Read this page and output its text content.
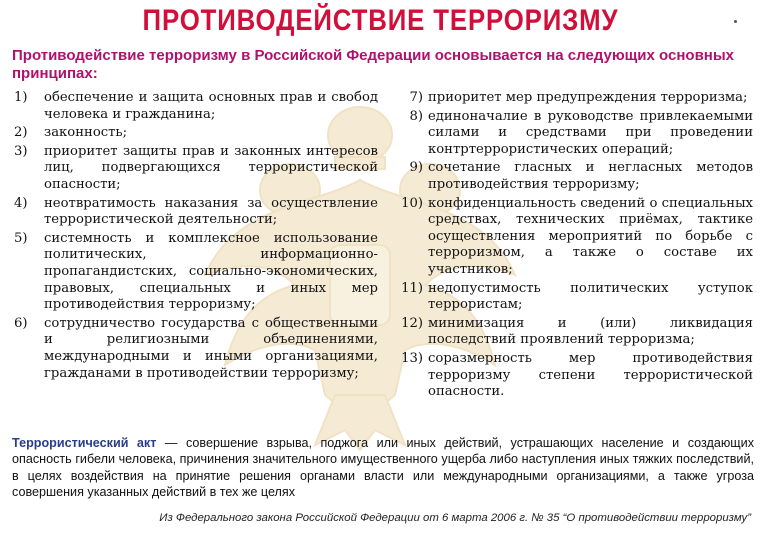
ПРОТИВОДЕЙСТВИЕ ТЕРРОРИЗМУ
Противодействие терроризму в Российской Федерации основывается на следующих основных принципах:
1)	обеспечение и защита основных прав и свобод человека и гражданина;
2)	законность;
3)	приоритет защиты прав и законных интересов лиц, подвергающихся террористической опасности;
4)	неотвратимость наказания за осуществление террористической деятельности;
5)	системность и комплексное использование политических, информационно-пропагандистских, социально-экономических, правовых, специальных и иных мер противодействия терроризму;
6)	сотрудничество государства с общественными и религиозными объединениями, международными и иными организациями, гражданами в противодействии терроризму;
7) приоритет мер предупреждения терроризма;
8) единоначалие в руководстве привлекаемыми силами и средствами при проведении контртеррористических операций;
9) сочетание гласных и негласных методов противодействия терроризму;
10) конфиденциальность сведений о специальных средствах, технических приёмах, тактике осуществления мероприятий по борьбе с терроризмом, а также о составе их участников;
11) недопустимость политических уступок террористам;
12) минимизация и (или) ликвидация последствий проявлений терроризма;
13) соразмерность мер противодействия терроризму степени террористической опасности.
Террористический акт — совершение взрыва, поджога или иных действий, устрашающих население и создающих опасность гибели человека, причинения значительного имущественного ущерба либо наступления иных тяжких последствий, в целях воздействия на принятие решения органами власти или международными организациями, а также угроза совершения указанных действий в тех же целях
Из Федерального закона Российской Федерации от 6 марта 2006 г. № 35 “О противодействии терроризму”
